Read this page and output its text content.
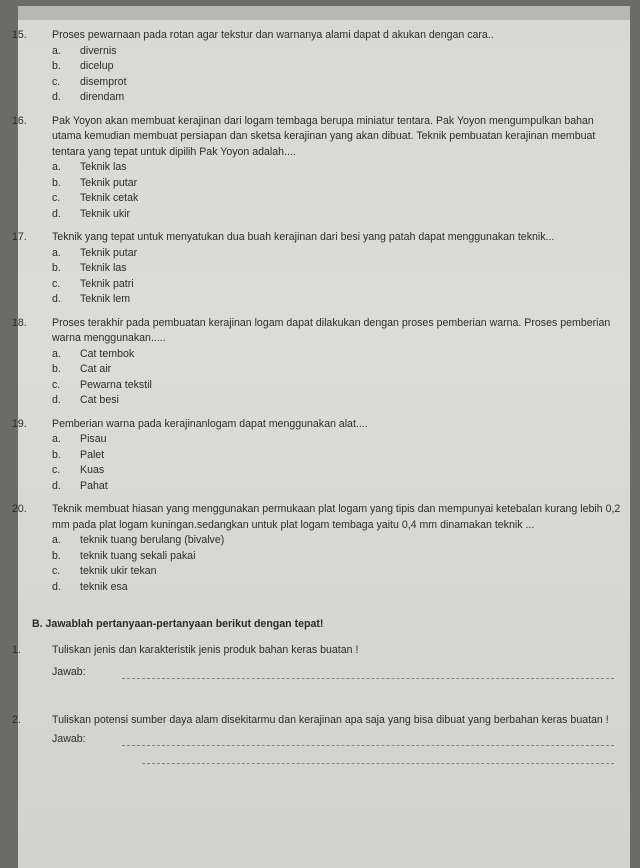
15. Proses pewarnaan pada rotan agar tekstur dan warnanya alami dapat d akukan dengan cara..

a. divernis

b. dicelup

c. disemprot

d. direndam

16. Pak Yoyon akan membuat kerajinan dari logam tembaga berupa miniatur tentara. Pak Yoyon mengumpulkan bahan utama kemudian membuat persiapan dan sketsa kerajinan yang akan dibuat. Teknik pembuatan kerajinan membuat tentara yang tepat untuk dipilih Pak Yoyon adalah....

a. Teknik las

b. Teknik putar

c. Teknik cetak

d. Teknik ukir

17. Teknik yang tepat untuk menyatukan dua buah kerajinan dari besi yang patah dapat menggunakan teknik...

a. Teknik putar

b. Teknik las

c. Teknik patri

d. Teknik lem

18. Proses terakhir pada pembuatan kerajinan logam dapat dilakukan dengan proses pemberian warna. Proses pemberian warna menggunakan.....

a. Cat tembok

b. Cat air

c. Pewarna tekstil

d. Cat besi

19. Pemberian warna pada kerajinanlogam dapat menggunakan alat....

a. Pisau

b. Palet

c. Kuas

d. Pahat

20. Teknik membuat hiasan yang menggunakan permukaan plat logam yang tipis dan mempunyai ketebalan kurang lebih 0,2 mm pada plat logam kuningan.sedangkan untuk plat logam tembaga yaitu 0,4 mm dinamakan teknik ...

a. teknik tuang berulang (bivalve)

b. teknik tuang sekali pakai

c. teknik ukir tekan

d. teknik esa

B. Jawablah pertanyaan-pertanyaan berikut dengan tepat!

1.	Tuliskan jenis dan karakteristik jenis produk bahan keras buatan !

Jawab:

2.	Tuliskan potensi sumber daya alam disekitarmu dan kerajinan apa saja yang bisa dibuat yang berbahan keras buatan !

Jawab:
